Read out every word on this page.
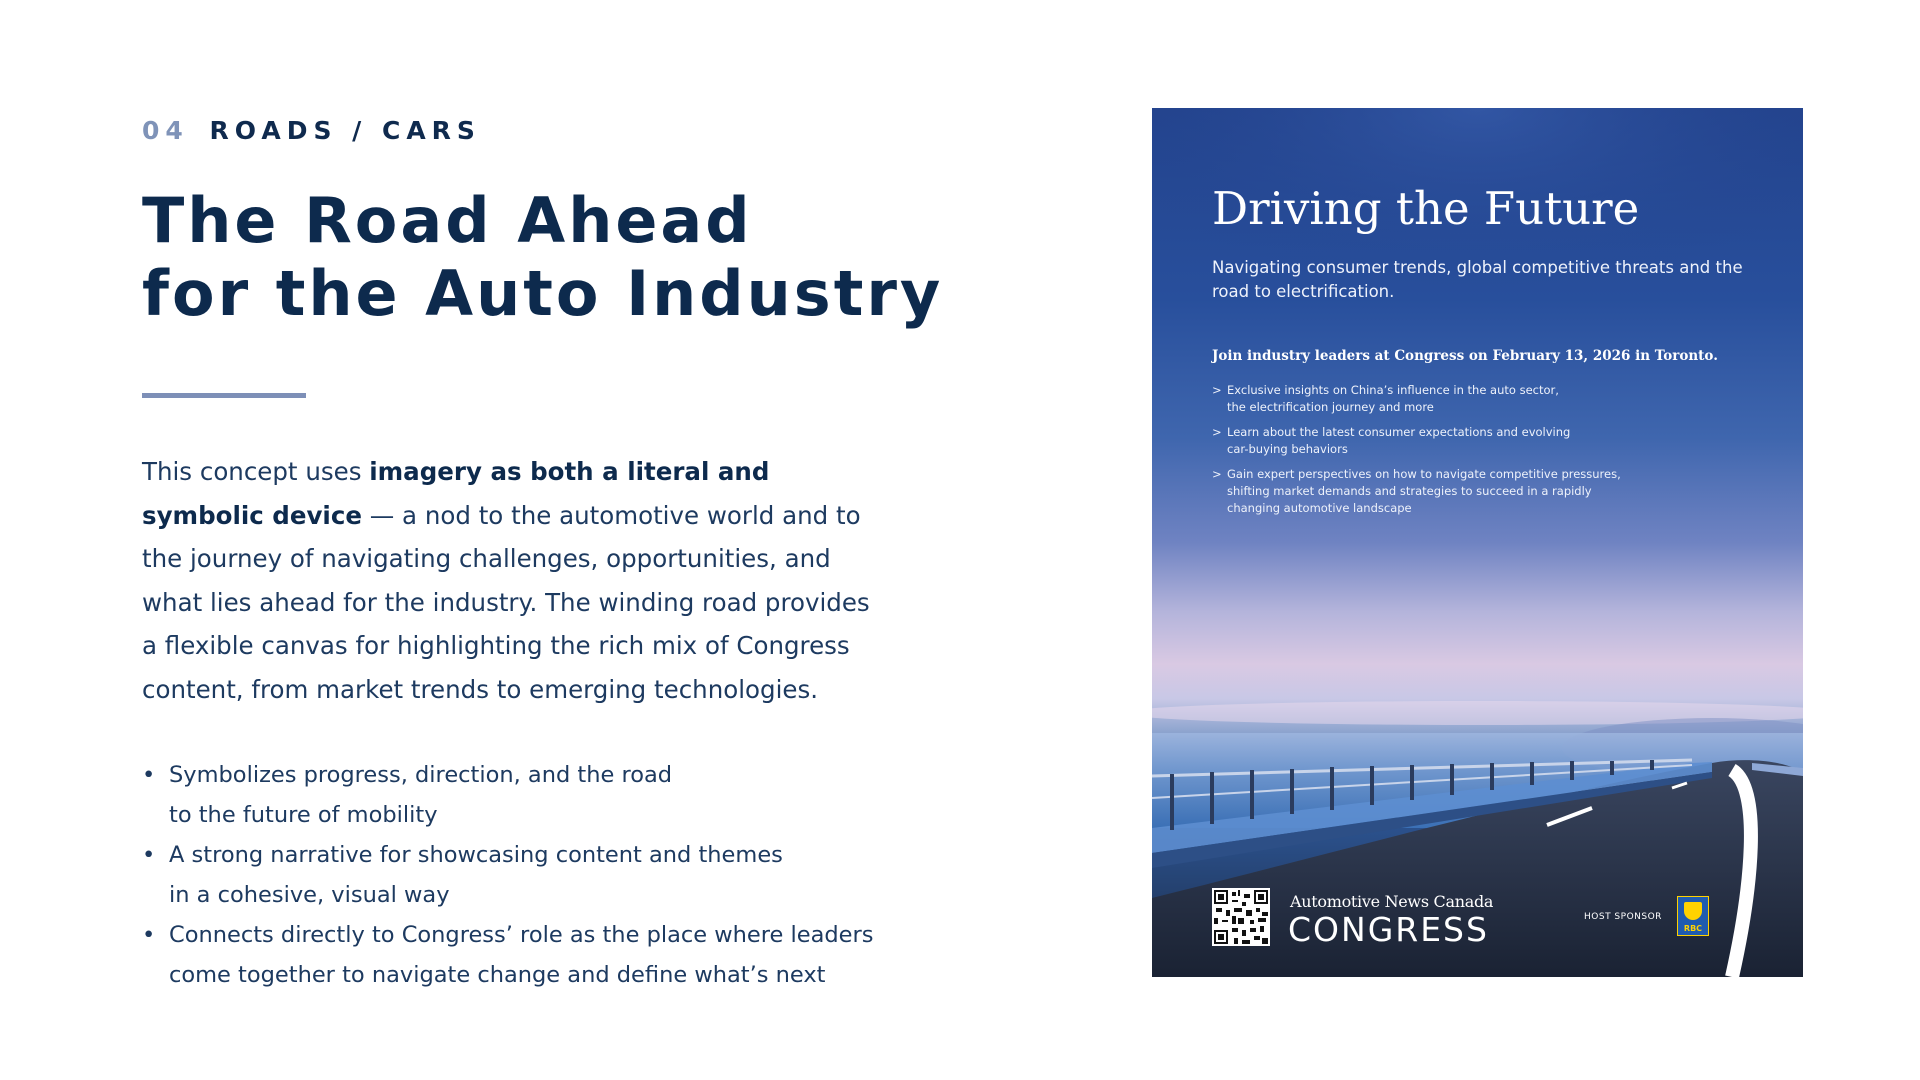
04 ROADS / CARS
The Road Ahead
for the Auto Industry

This concept uses imagery as both a literal and symbolic device — a nod to the automotive world and to the journey of navigating challenges, opportunities, and what lies ahead for the industry. The winding road provides a flexible canvas for highlighting the rich mix of Congress content, from market trends to emerging technologies.

• Symbolizes progress, direction, and the road
to the future of mobility
• A strong narrative for showcasing content and themes
in a cohesive, visual way
• Connects directly to Congress’ role as the place where leaders
come together to navigate change and define what’s next
Driving the Future
Navigating consumer trends, global competitive threats and the road to electrification.
Join industry leaders at Congress on February 13, 2026 in Toronto.
> Exclusive insights on China’s influence in the auto sector,
the electrification journey and more
> Learn about the latest consumer expectations and evolving
car-buying behaviors
> Gain expert perspectives on how to navigate competitive pressures,
shifting market demands and strategies to succeed in a rapidly
changing automotive landscape
Automotive News Canada
CONGRESS	HOST SPONSOR
RBC
